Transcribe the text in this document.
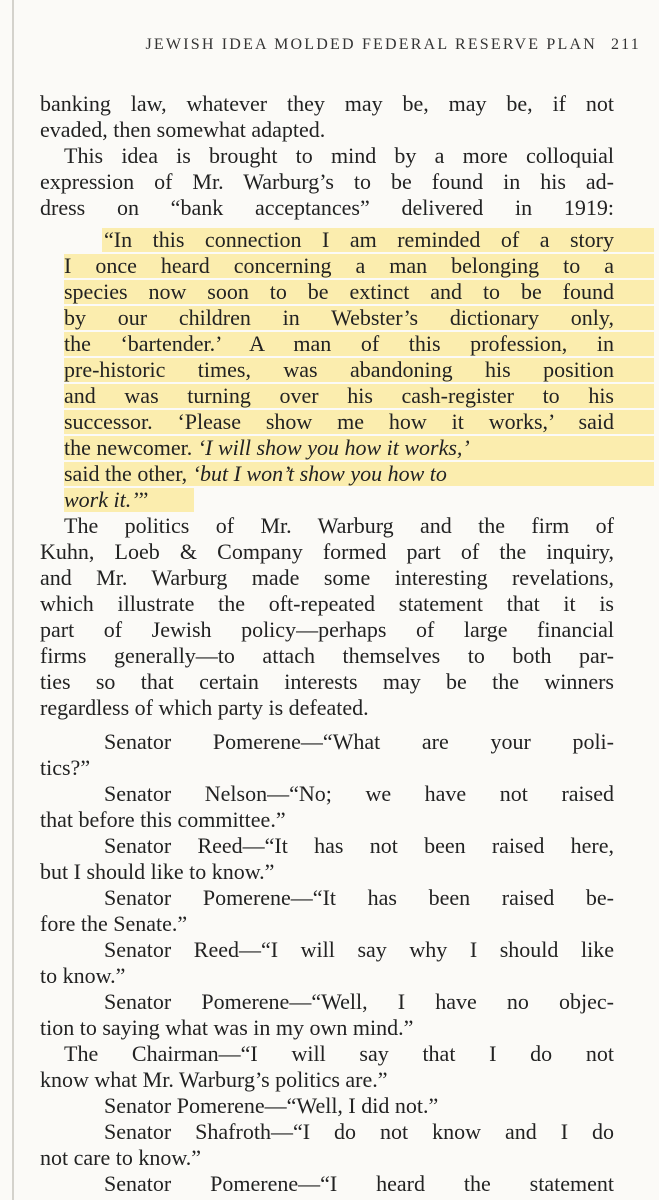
JEWISH IDEA MOLDED FEDERAL RESERVE PLAN 211
banking law, whatever they may be, may be, if not
evaded, then somewhat adapted.
This idea is brought to mind by a more colloquial
expression of Mr. Warburg’s to be found in his ad-
dress on “bank acceptances” delivered in 1919:
“In this connection I am reminded of a story
I once heard concerning a man belonging to a
species now soon to be extinct and to be found
by our children in Webster’s dictionary only,
the ‘bartender.’ A man of this profession, in
pre-historic times, was abandoning his position
and was turning over his cash-register to his
successor. ‘Please show me how it works,’ said
the newcomer. ‘I will show you how it works,’
said the other, ‘but I won’t show you how to
work it.’”
The politics of Mr. Warburg and the firm of
Kuhn, Loeb & Company formed part of the inquiry,
and Mr. Warburg made some interesting revelations,
which illustrate the oft-repeated statement that it is
part of Jewish policy—perhaps of large financial
firms generally—to attach themselves to both par-
ties so that certain interests may be the winners
regardless of which party is defeated.
Senator Pomerene—“What are your poli-
tics?”
Senator Nelson—“No; we have not raised
that before this committee.”
Senator Reed—“It has not been raised here,
but I should like to know.”
Senator Pomerene—“It has been raised be-
fore the Senate.”
Senator Reed—“I will say why I should like
to know.”
Senator Pomerene—“Well, I have no objec-
tion to saying what was in my own mind.”
The Chairman—“I will say that I do not
know what Mr. Warburg’s politics are.”
Senator Pomerene—“Well, I did not.”
Senator Shafroth—“I do not know and I do
not care to know.”
Senator Pomerene—“I heard the statement
